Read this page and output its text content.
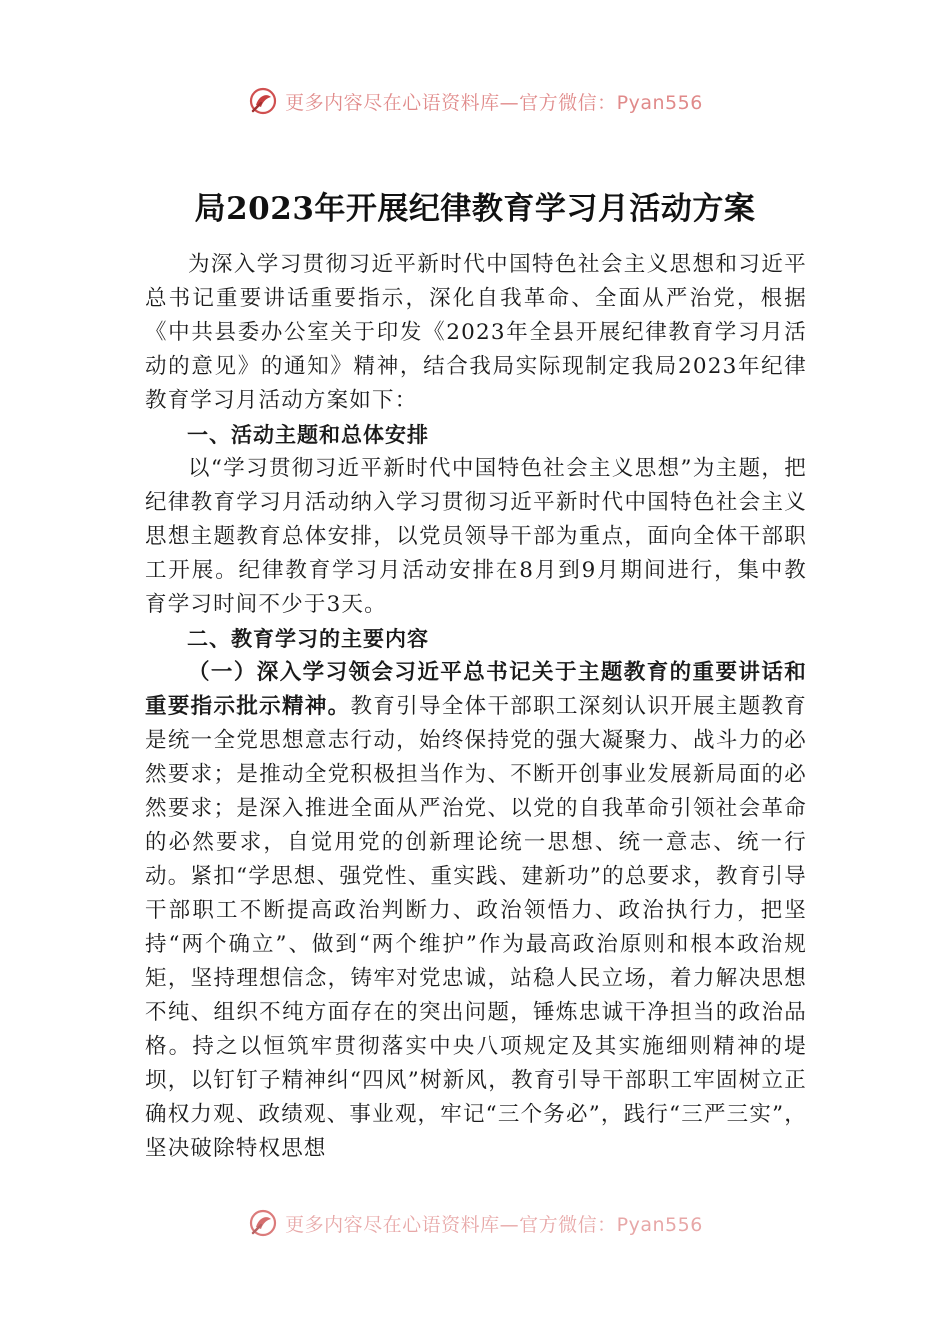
更多内容尽在心语资料库—官方微信：Pyan556
局2023年开展纪律教育学习月活动方案

为深入学习贯彻习近平新时代中国特色社会主义思想和习近平总书记重要讲话重要指示，深化自我革命、全面从严治党，根据《中共县委办公室关于印发《2023年全县开展纪律教育学习月活动的意见》的通知》精神，结合我局实际现制定我局2023年纪律教育学习月活动方案如下：

一、活动主题和总体安排

以“学习贯彻习近平新时代中国特色社会主义思想”为主题，把纪律教育学习月活动纳入学习贯彻习近平新时代中国特色社会主义思想主题教育总体安排，以党员领导干部为重点，面向全体干部职工开展。纪律教育学习月活动安排在8月到9月期间进行，集中教育学习时间不少于3天。

二、教育学习的主要内容

（一）深入学习领会习近平总书记关于主题教育的重要讲话和重要指示批示精神。教育引导全体干部职工深刻认识开展主题教育是统一全党思想意志行动，始终保持党的强大凝聚力、战斗力的必然要求；是推动全党积极担当作为、不断开创事业发展新局面的必然要求；是深入推进全面从严治党、以党的自我革命引领社会革命的必然要求，自觉用党的创新理论统一思想、统一意志、统一行动。紧扣“学思想、强党性、重实践、建新功”的总要求，教育引导干部职工不断提高政治判断力、政治领悟力、政治执行力，把坚持“两个确立”、做到“两个维护”作为最高政治原则和根本政治规矩，坚持理想信念，铸牢对党忠诚，站稳人民立场，着力解决思想不纯、组织不纯方面存在的突出问题，锤炼忠诚干净担当的政治品格。持之以恒筑牢贯彻落实中央八项规定及其实施细则精神的堤坝，以钉钉子精神纠“四风”树新风，教育引导干部职工牢固树立正确权力观、政绩观、事业观，牢记“三个务必”，践行“三严三实”，坚决破除特权思想

更多内容尽在心语资料库—官方微信：Pyan556
